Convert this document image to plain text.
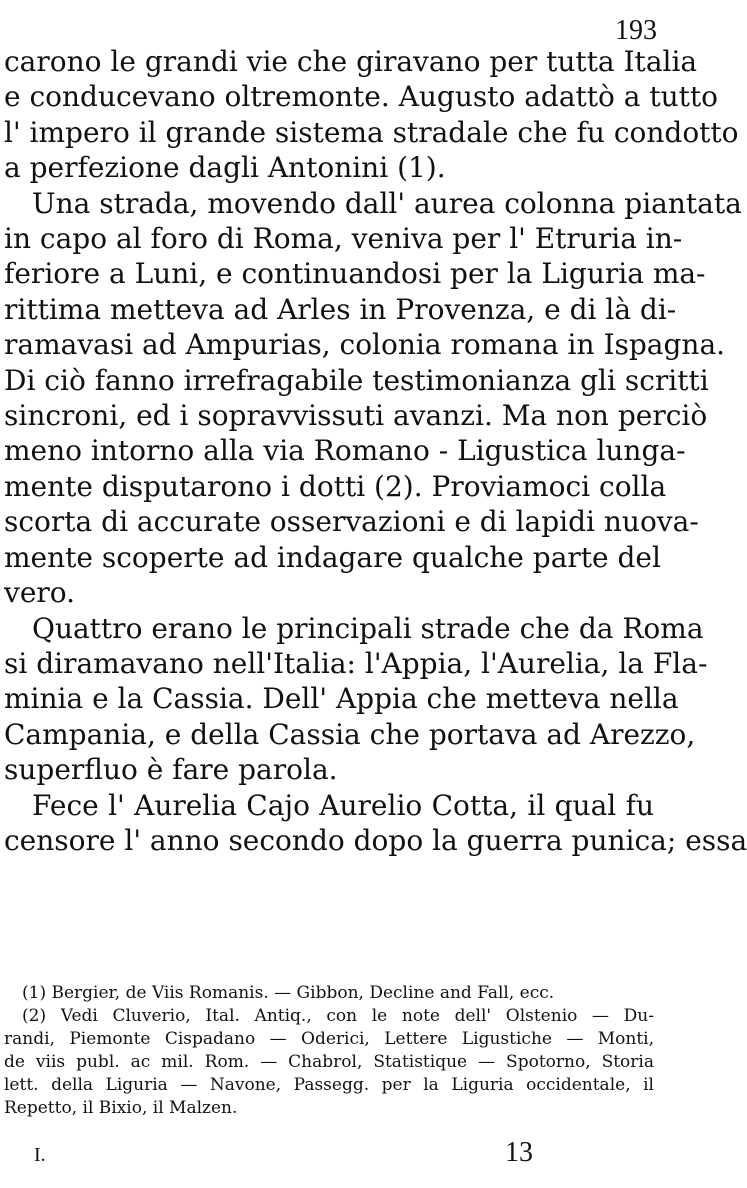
193
carono le grandi vie che giravano per tutta Italia
e conducevano oltremonte. Augusto adattò a tutto
l' impero il grande sistema stradale che fu condotto
a perfezione dagli Antonini (1).
Una strada, movendo dall' aurea colonna piantata
in capo al foro di Roma, veniva per l' Etruria in-
feriore a Luni, e continuandosi per la Liguria ma-
rittima metteva ad Arles in Provenza, e di là di-
ramavasi ad Ampurias, colonia romana in Ispagna.
Di ciò fanno irrefragabile testimonianza gli scritti
sincroni, ed i sopravvissuti avanzi. Ma non perciò
meno intorno alla via Romano - Ligustica lunga-
mente disputarono i dotti (2). Proviamoci colla
scorta di accurate osservazioni e di lapidi nuova-
mente scoperte ad indagare qualche parte del
vero.
Quattro erano le principali strade che da Roma
si diramavano nell'Italia: l'Appia, l'Aurelia, la Fla-
minia e la Cassia. Dell' Appia che metteva nella
Campania, e della Cassia che portava ad Arezzo,
superfluo è fare parola.
Fece l' Aurelia Cajo Aurelio Cotta, il qual fu
censore l' anno secondo dopo la guerra punica; essa
(1) Bergier, de Viis Romanis. — Gibbon, Decline and Fall, ecc.
(2) Vedi Cluverio, Ital. Antiq., con le note dell' Olstenio — Du-
randi, Piemonte Cispadano — Oderici, Lettere Ligustiche — Monti,
de viis publ. ac mil. Rom. — Chabrol, Statistique — Spotorno, Storia
lett. della Liguria — Navone, Passegg. per la Liguria occidentale, il
Repetto, il Bixio, il Malzen.
I.	13
